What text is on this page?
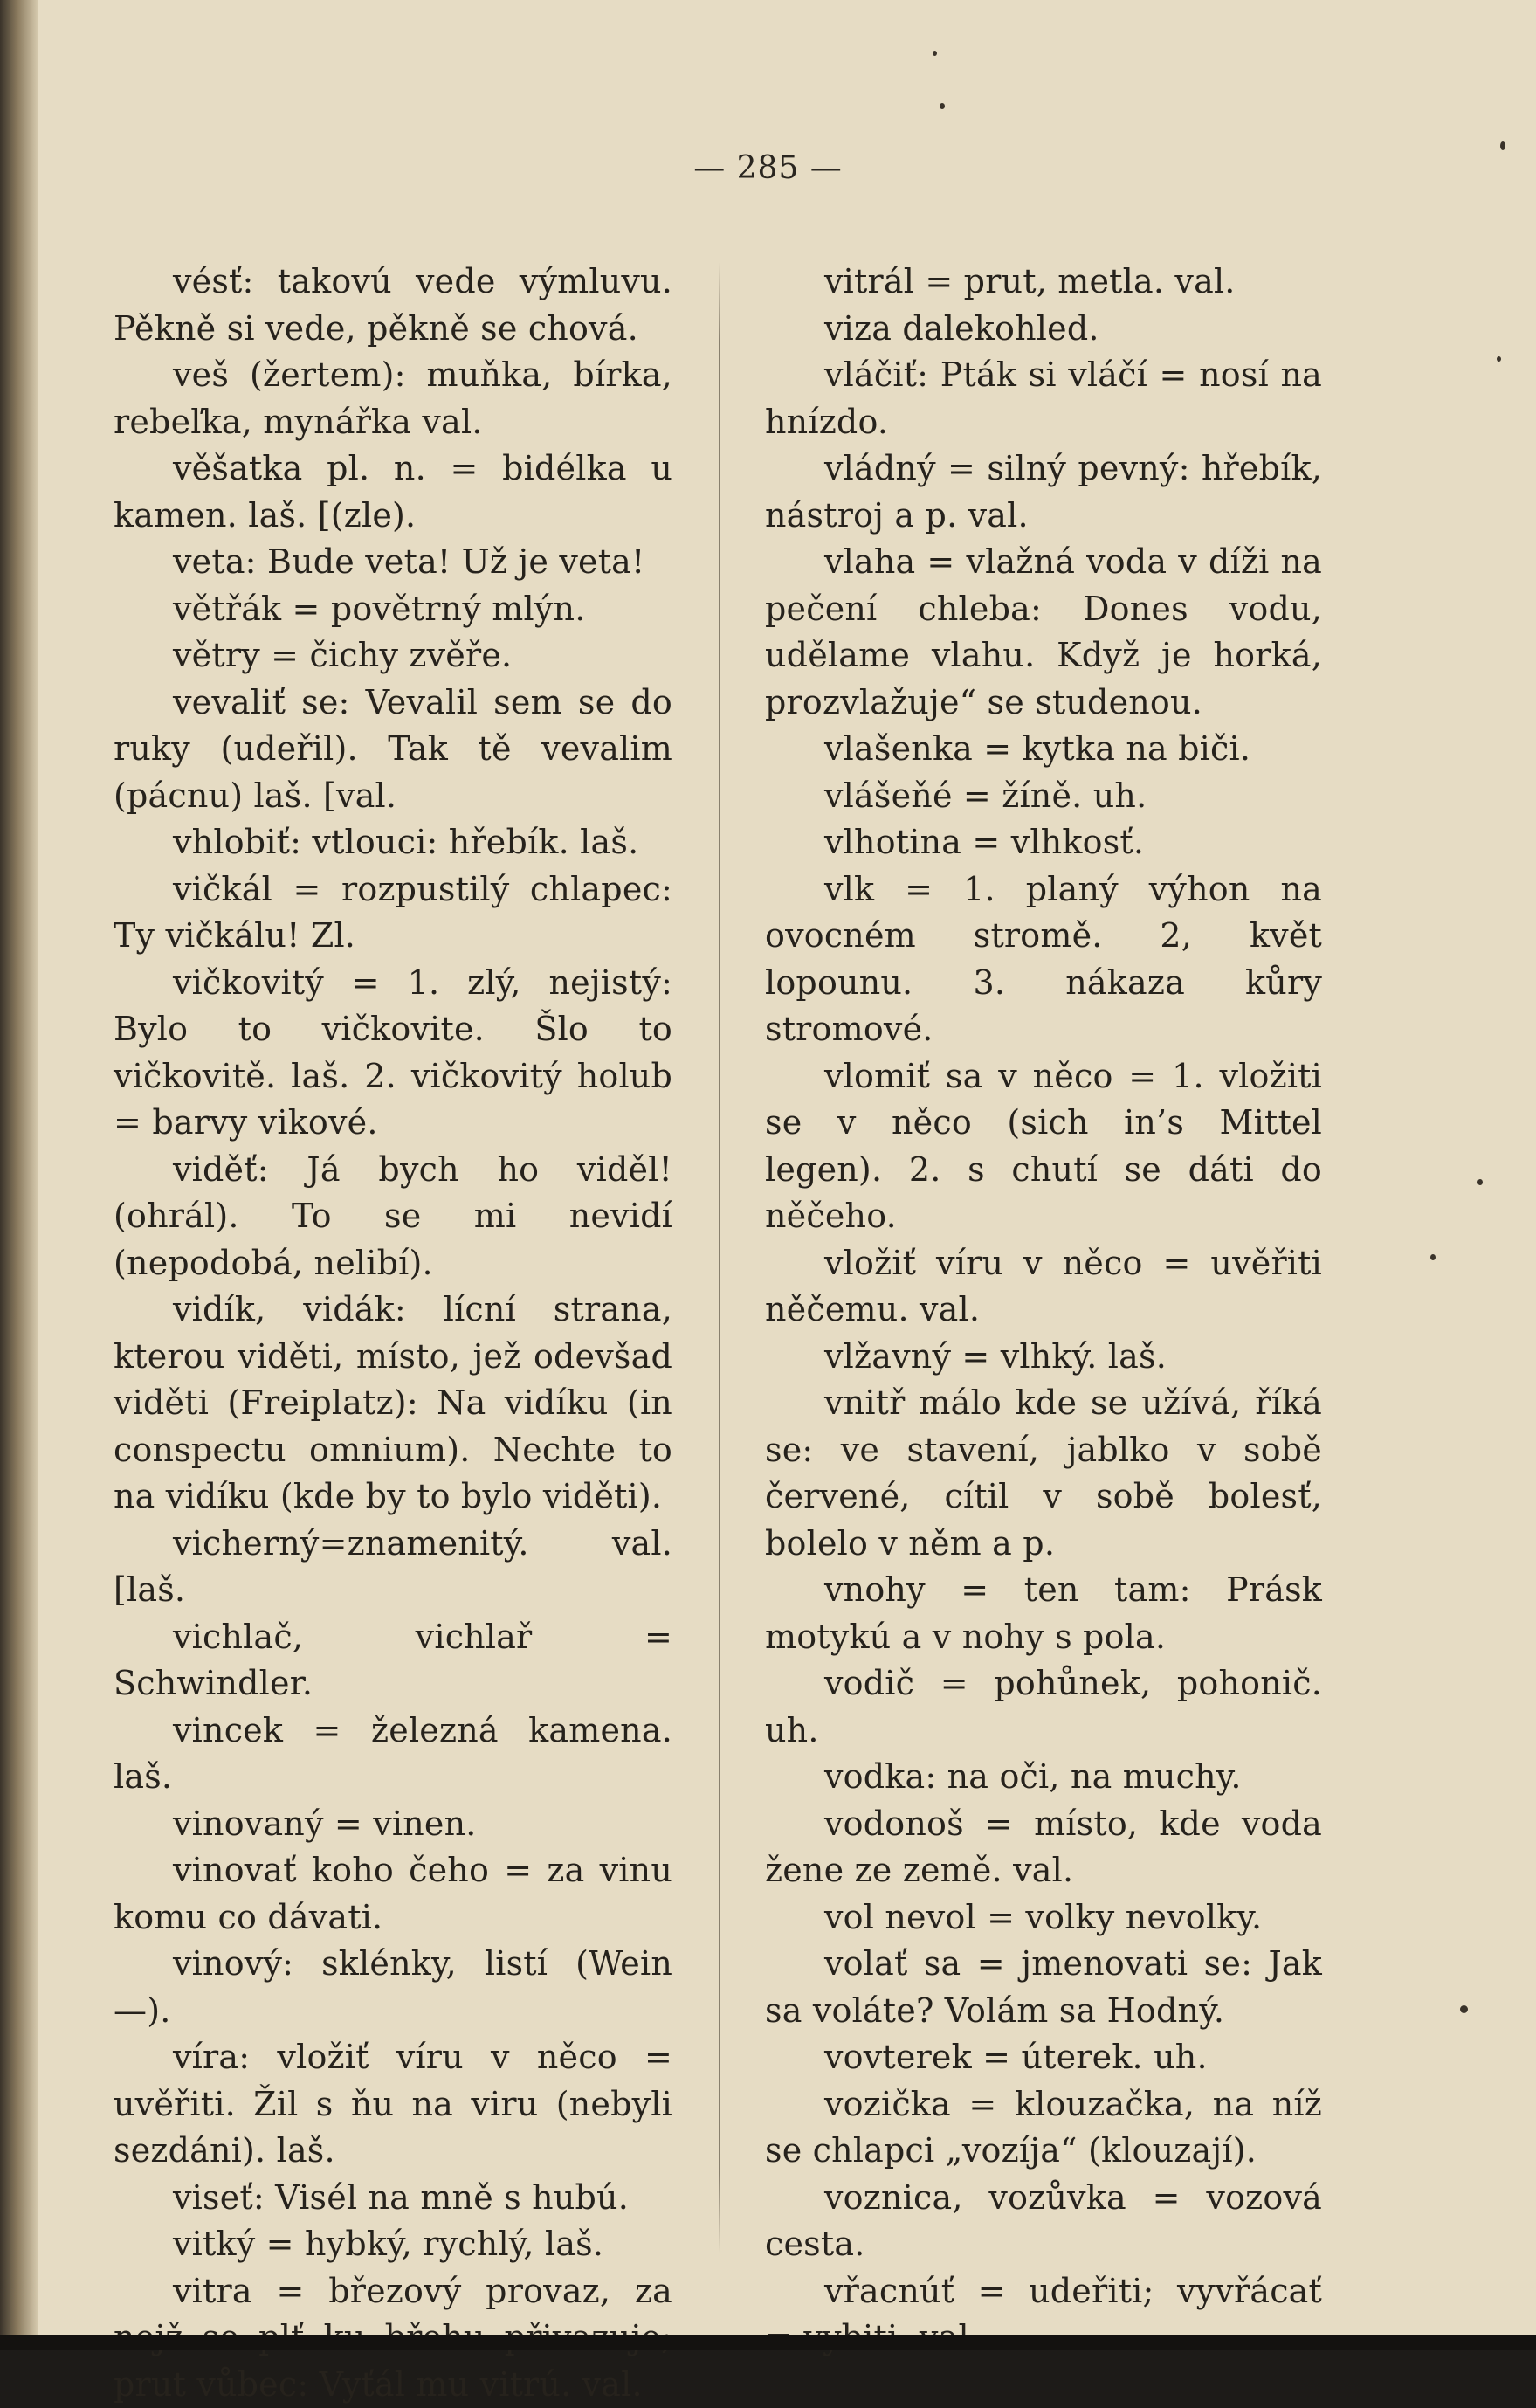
— 285 —

vésť: takovú vede výmluvu. Pěkně si vede, pěkně se chová.

veš (žertem): muňka, bírka, rebeľka, mynářka val.

věšatka pl. n. = bidélka u kamen. laš. [(zle).

veta: Bude veta! Už je veta!

větřák = povětrný mlýn.

větry = čichy zvěře.

vevaliť se: Vevalil sem se do ruky (udeřil). Tak tě vevalim (pácnu) laš. [val.

vhlobiť: vtlouci: hřebík. laš.

vičkál = rozpustilý chlapec: Ty vičkálu! Zl.

vičkovitý = 1. zlý, nejistý: Bylo to vičkovite. Šlo to vičkovitě. laš. 2. vičkovitý holub = barvy vikové.

viděť: Já bych ho viděl! (ohrál). To se mi nevidí (nepodobá, nelibí).

vidík, vidák: lícní strana, kterou viděti, místo, jež odevšad viděti (Freiplatz): Na vidíku (in conspectu omnium). Nechte to na vidíku (kde by to bylo viděti).

vicherný=znamenitý. val. [laš.

vichlač, vichlař = Schwindler.

vincek = železná kamena. laš.

vinovaný = vinen.

vinovať koho čeho = za vinu komu co dávati.

vinový: sklénky, listí (Wein—).

víra: vložiť víru v něco = uvěřiti. Žil s ňu na viru (nebyli sezdáni). laš.

viseť: Visél na mně s hubú.

vitký = hybký, rychlý, laš.

vitra = březový provaz, za prut vůbec: Vyťál mu vitrú. val.

vitrál = prut, metla. val.

viza dalekohled.

vláčiť: Pták si vláčí = nosí na hnízdo.

vládný = silný pevný: hřebík, nástroj a p. val.

vlaha = vlažná voda v díži na pečení chleba: Dones vodu, udělame vlahu. Když je horká, prozvlažuje“ se studenou.

vlašenka = kytka na biči.

vlášeňé = žíně. uh.

vlhotina = vlhkosť.

vlk = 1. planý výhon na ovocném stromě. 2, květ lopounu. 3. nákaza kůry stromové.

vlomiť sa v něco = 1. vložiti se v něco (sich in’s Mittel legen). 2. s chutí se dáti do něčeho.

vložiť víru v něco = uvěřiti něčemu. val.

vlžavný = vlhký. laš.

vnitř málo kde se užívá, říká se: ve stavení, jablko v sobě červené, cítil v sobě bolesť, bolelo v něm a p.

vnohy = ten tam: Prásk motykú a v nohy s pola.

vodič = pohůnek, pohonič. uh.

vodka: na oči, na muchy.

vodonoš = místo, kde voda žene ze země. val.

vol nevol = volky nevolky.

volať sa = jmenovati se: Jak sa voláte? Volám sa Hodný.

vovterek = úterek. uh.

vozička = klouzačka, na níž se chlapci „vozíja“ (klouzají).

voznica, vozůvka = vozová cesta.

vřacnúť = udeřiti; vyvřácať
